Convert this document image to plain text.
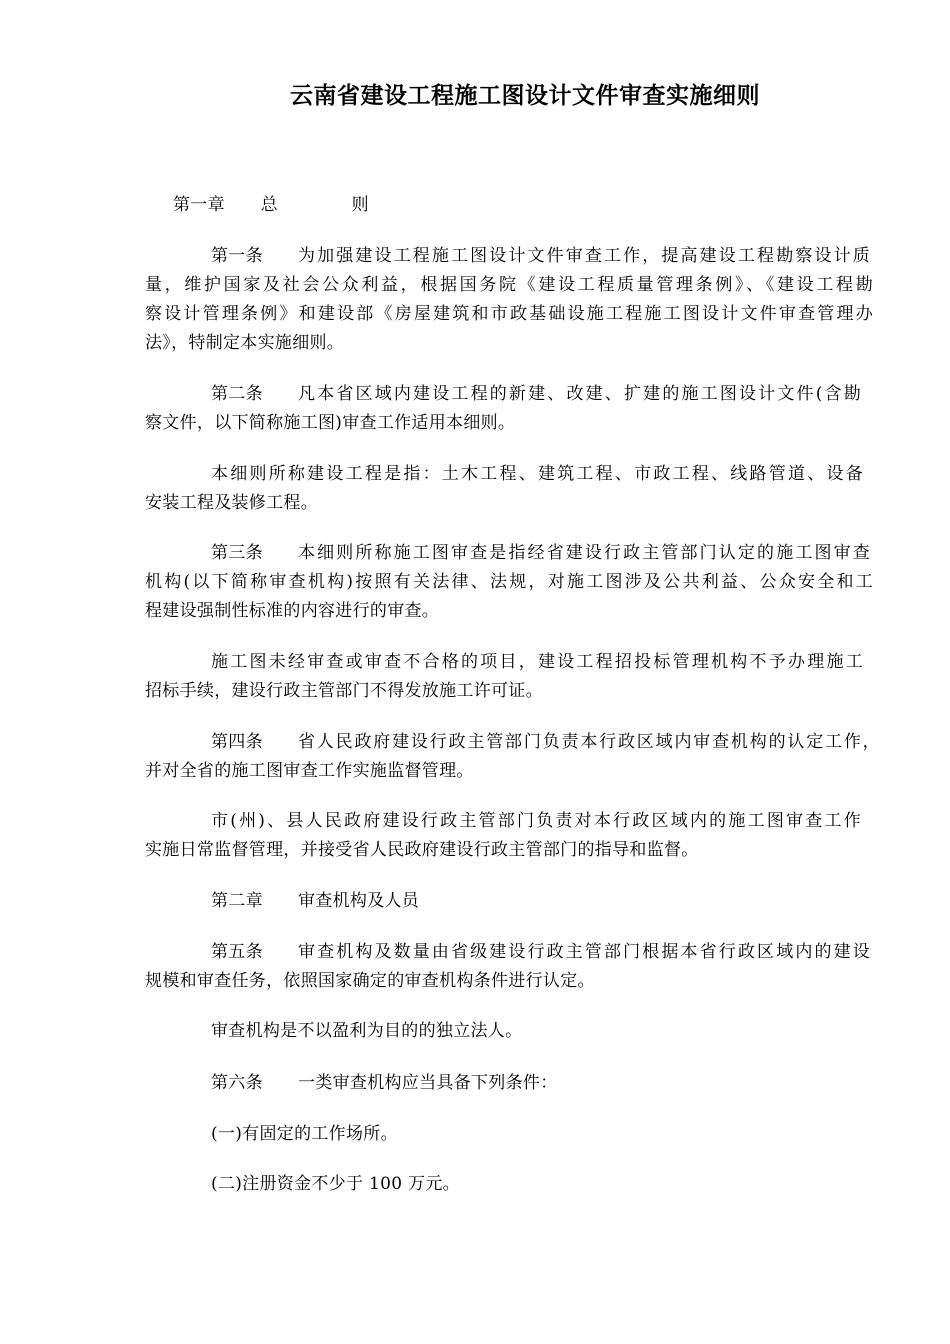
云南省建设工程施工图设计文件审查实施细则
第一章 总	则
第一条 为加强建设工程施工图设计文件审查工作，提高建设工程勘察设计质
量，维护国家及社会公众利益，根据国务院《建设工程质量管理条例》、《建设工程勘
察设计管理条例》和建设部《房屋建筑和市政基础设施工程施工图设计文件审查管理办
法》，特制定本实施细则。
第二条 凡本省区域内建设工程的新建、改建、扩建的施工图设计文件(含勘
察文件，以下简称施工图)审查工作适用本细则。
本细则所称建设工程是指：土木工程、建筑工程、市政工程、线路管道、设备
安装工程及装修工程。
第三条 本细则所称施工图审查是指经省建设行政主管部门认定的施工图审查
机构(以下简称审查机构)按照有关法律、法规，对施工图涉及公共利益、公众安全和工
程建设强制性标准的内容进行的审查。
施工图未经审查或审查不合格的项目，建设工程招投标管理机构不予办理施工
招标手续，建设行政主管部门不得发放施工许可证。
第四条 省人民政府建设行政主管部门负责本行政区域内审查机构的认定工作，
并对全省的施工图审查工作实施监督管理。
市(州)、县人民政府建设行政主管部门负责对本行政区域内的施工图审查工作
实施日常监督管理，并接受省人民政府建设行政主管部门的指导和监督。
第二章 审查机构及人员
第五条 审查机构及数量由省级建设行政主管部门根据本省行政区域内的建设
规模和审查任务，依照国家确定的审查机构条件进行认定。
审查机构是不以盈利为目的的独立法人。
第六条 一类审查机构应当具备下列条件：
(一)有固定的工作场所。
(二)注册资金不少于 100 万元。
